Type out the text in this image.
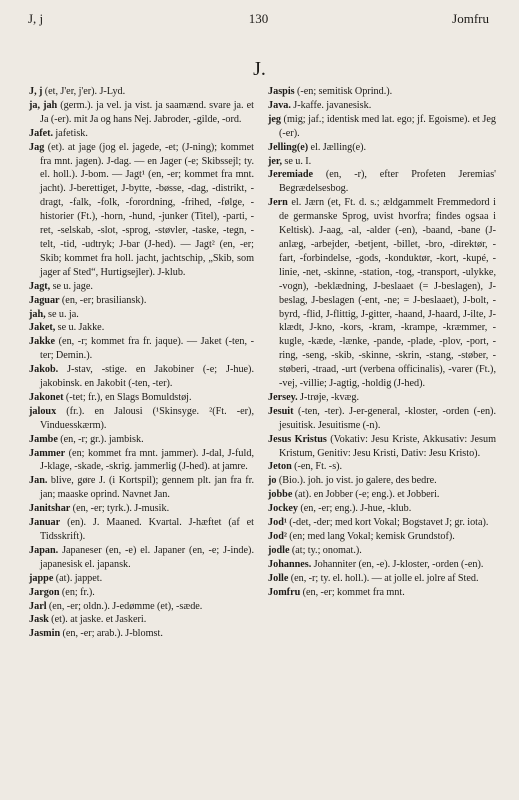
J, j	130	Jomfru
J.

J, j (et, J'er, j'er). J-Lyd.

ja, jah (germ.). ja vel. ja vist. ja saamænd. svare ja. et Ja (-er). mit Ja og hans Nej. Jabroder, -gilde, -ord.

Jafet. jafetisk.

Jag (et). at jage (jog el. jagede, -et; (J-ning); kommet fra mnt. jagen). J-dag. — en Jager (-e; Skibssejl; ty. el. holl.). J-bom. — Jagt¹ (en, -er; kommet fra mnt. jacht). J-berettiget, J-bytte, -bøsse, -dag, -distrikt, -dragt, -falk, -folk, -forordning, -frihed, -følge, -historier (Ft.), -horn, -hund, -junker (Titel), -parti, -ret, -selskab, -slot, -sprog, -støvler, -taske, -tegn, -telt, -tid, -udtryk; J-bar (J-hed). — Jagt² (en, -er; Skib; kommet fra holl. jacht, jachtschip, „Skib, som jager af Sted“, Hurtigsejler). J-klub.

Jagt, se u. jage.

Jaguar (en, -er; brasiliansk).

jah, se u. ja.

Jaket, se u. Jakke.

Jakke (en, -r; kommet fra fr. jaque). — Jaket (-ten, -ter; Demin.).

Jakob. J-stav, -stige. en Jakobiner (-e; J-hue). jakobinsk. en Jakobit (-ten, -ter).

Jakonet (-tet; fr.), en Slags Bomuldstøj.

jaloux (fr.). en Jalousi (¹Skinsyge. ²(Ft. -er), Vinduesskærm).

Jambe (en, -r; gr.). jambisk.

Jammer (en; kommet fra mnt. jammer). J-dal, J-fuld, J-klage, -skade, -skrig. jammerlig (J-hed). at jamre.

Jan. blive, gøre J. (i Kortspil); gennem plt. jan fra fr. jan; maaske oprind. Navnet Jan.

Janitshar (en, -er; tyrk.). J-musik.

Januar (en). J. Maaned. Kvartal. J-hæftet (af et Tidsskrift).

Japan. Japaneser (en, -e) el. Japaner (en, -e; J-inde). japanesisk el. japansk.

jappe (at). jappet.

Jargon (en; fr.).

Jarl (en, -er; oldn.). J-edømme (et), -sæde.

Jask (et). at jaske. et Jaskeri.

Jasmin (en, -er; arab.). J-blomst.

Jaspis (-en; semitisk Oprind.).

Java. J-kaffe. javanesisk.

jeg (mig; jaf.; identisk med lat. ego; jf. Egoisme). et Jeg (-er).

Jelling(e) el. Jælling(e).

jer, se u. I.

Jeremiade (en, -r), efter Profeten Jeremias' Begrædelsesbog.

Jern el. Jærn (et, Ft. d. s.; ældgammelt Fremmedord i de germanske Sprog, uvist hvorfra; findes ogsaa i Keltisk). J-aag, -al, -alder (-en), -baand, -bane (J-anlæg, -arbejder, -betjent, -billet, -bro, -direktør, -fart, -forbindelse, -gods, -konduktør, -kort, -kupé, -linie, -net, -skinne, -station, -tog, -transport, -ulykke, -vogn), -beklædning, J-beslaaet (= J-beslagen), J-beslag, J-beslagen (-ent, -ne; = J-beslaaet), J-bolt, -byrd, -flid, J-flittig, J-gitter, -haand, J-haard, J-ilte, J-klædt, J-kno, -kors, -kram, -krampe, -kræmmer, -kugle, -kæde, -lænke, -pande, -plade, -plov, -port, -ring, -seng, -skib, -skinne, -skrin, -stang, -støber, -støberi, -traad, -urt (verbena officinalis), -varer (Ft.), -vej, -villie; J-agtig, -holdig (J-hed).

Jersey. J-trøje, -kvæg.

Jesuit (-ten, -ter). J-er-general, -kloster, -orden (-en). jesuitisk. Jesuitisme (-n).

Jesus Kristus (Vokativ: Jesu Kriste, Akkusativ: Jesum Kristum, Genitiv: Jesu Kristi, Dativ: Jesu Kristo).

Jeton (-en, Ft. -s).

jo (Bio.). joh. jo vist. jo galere, des bedre.

jobbe (at). en Jobber (-e; eng.). et Jobberi.

Jockey (en, -er; eng.). J-hue, -klub.

Jod¹ (-det, -der; med kort Vokal; Bogstavet J; gr. iota).

Jod² (en; med lang Vokal; kemisk Grundstof).

jodle (at; ty.; onomat.).

Johannes. Johanniter (en, -e). J-kloster, -orden (-en).

Jolle (en, -r; ty. el. holl.). — at jolle el. jolre af Sted.

Jomfru (en, -er; kommet fra mnt.
